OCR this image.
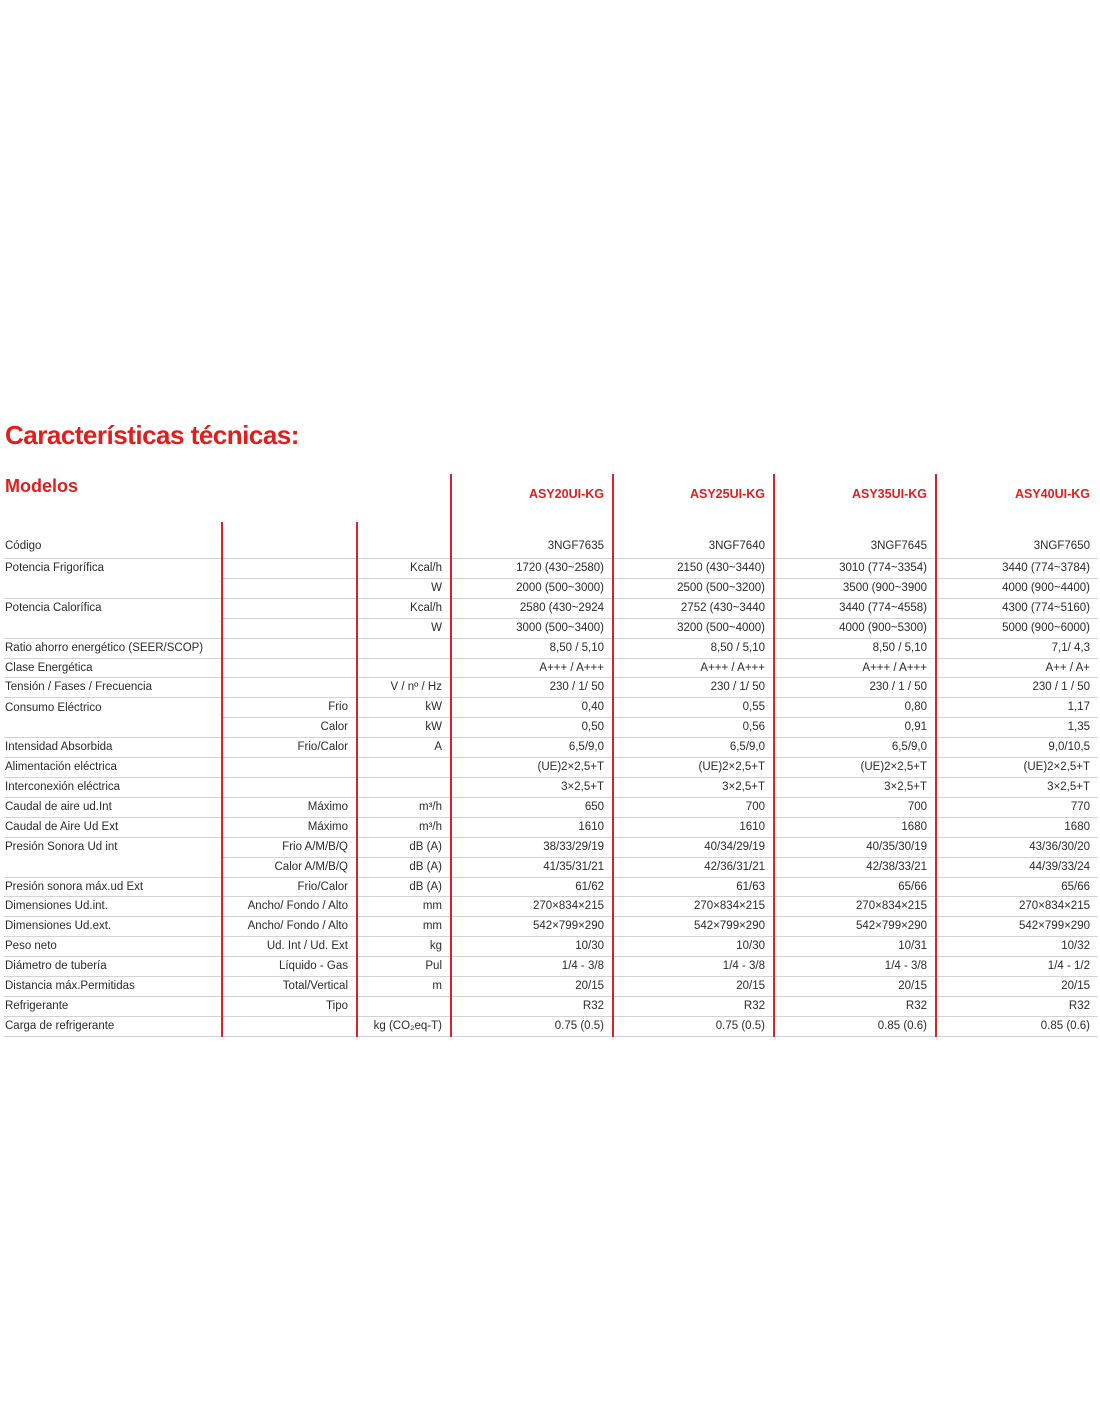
Características técnicas:
Modelos			ASY20UI-KG	ASY25UI-KG	ASY35UI-KG	ASY40UI-KG
Código			3NGF7635	3NGF7640	3NGF7645	3NGF7650
Potencia Frigorífica		Kcal/h	1720 (430~2580)	2150 (430~3440)	3010 (774~3354)	3440 (774~3784)
		W	2000 (500~3000)	2500 (500~3200)	3500 (900~3900	4000 (900~4400)
Potencia Calorífica		Kcal/h	2580 (430~2924	2752 (430~3440	3440 (774~4558)	4300 (774~5160)
		W	3000 (500~3400)	3200 (500~4000)	4000 (900~5300)	5000 (900~6000)
Ratio ahorro energético (SEER/SCOP)			8,50 / 5,10	8,50 / 5,10	8,50 / 5,10	7,1/ 4,3
Clase Energética			A+++ / A+++	A+++ / A+++	A+++ / A+++	A++ / A+
Tensión / Fases / Frecuencia		V / nº / Hz	230 / 1/ 50	230 / 1/ 50	230 / 1 / 50	230 / 1 / 50
Consumo Eléctrico	Frio	kW	0,40	0,55	0,80	1,17
	Calor	kW	0,50	0,56	0,91	1,35
Intensidad Absorbida	Frio/Calor	A	6,5/9,0	6,5/9,0	6,5/9,0	9,0/10,5
Alimentación eléctrica			(UE)2×2,5+T	(UE)2×2,5+T	(UE)2×2,5+T	(UE)2×2,5+T
Interconexión eléctrica			3×2,5+T	3×2,5+T	3×2,5+T	3×2,5+T
Caudal de aire ud.Int	Máximo	m³/h	650	700	700	770
Caudal de Aire Ud Ext	Máximo	m³/h	1610	1610	1680	1680
Presión Sonora Ud int	Frio A/M/B/Q	dB (A)	38/33/29/19	40/34/29/19	40/35/30/19	43/36/30/20
	Calor A/M/B/Q	dB (A)	41/35/31/21	42/36/31/21	42/38/33/21	44/39/33/24
Presión sonora máx.ud Ext	Frio/Calor	dB (A)	61/62	61/63	65/66	65/66
Dimensiones Ud.int.	Ancho/ Fondo / Alto	mm	270×834×215	270×834×215	270×834×215	270×834×215
Dimensiones Ud.ext.	Ancho/ Fondo / Alto	mm	542×799×290	542×799×290	542×799×290	542×799×290
Peso neto	Ud. Int / Ud. Ext	kg	10/30	10/30	10/31	10/32
Diámetro de tubería	Líquido - Gas	Pul	1/4 - 3/8	1/4 - 3/8	1/4 - 3/8	1/4 - 1/2
Distancia máx.Permitidas	Total/Vertical	m	20/15	20/15	20/15	20/15
Refrigerante	Tipo		R32	R32	R32	R32
Carga de refrigerante		kg (CO₂eq-T)	0.75 (0.5)	0.75 (0.5)	0.85 (0.6)	0.85 (0.6)
